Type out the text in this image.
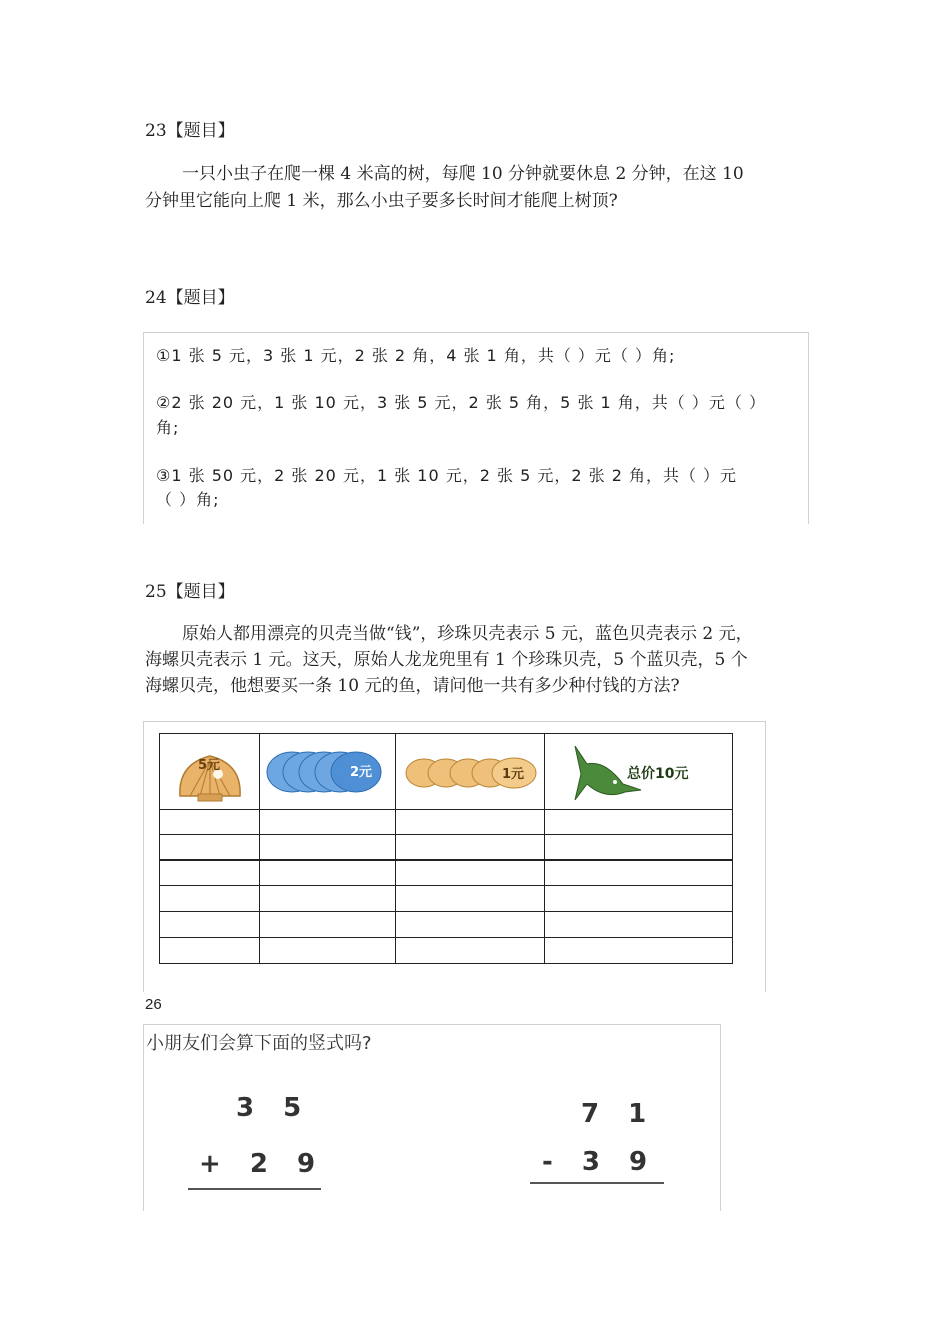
23【题目】
一只小虫子在爬一棵 4 米高的树，每爬 10 分钟就要休息 2 分钟，在这 10
分钟里它能向上爬 1 米，那么小虫子要多长时间才能爬上树顶?
24【题目】
①1 张 5 元，3 张 1 元，2 张 2 角，4 张 1 角，共（ ）元（ ）角;
②2 张 20 元，1 张 10 元，3 张 5 元，2 张 5 角，5 张 1 角，共（ ）元（ ）
角;
③1 张 50 元，2 张 20 元，1 张 10 元，2 张 5 元，2 张 2 角，共（ ）元
（ ）角;
25【题目】
原始人都用漂亮的贝壳当做“钱”，珍珠贝壳表示 5 元，蓝色贝壳表示 2 元，
海螺贝壳表示 1 元。这天，原始人龙龙兜里有 1 个珍珠贝壳，5 个蓝贝壳，5 个
海螺贝壳，他想要买一条 10 元的鱼，请问他一共有多少种付钱的方法?
5元	2元	1元	总价10元

26
小朋友们会算下面的竖式吗?
3 5
+ 2 9
7 1
- 3 9
